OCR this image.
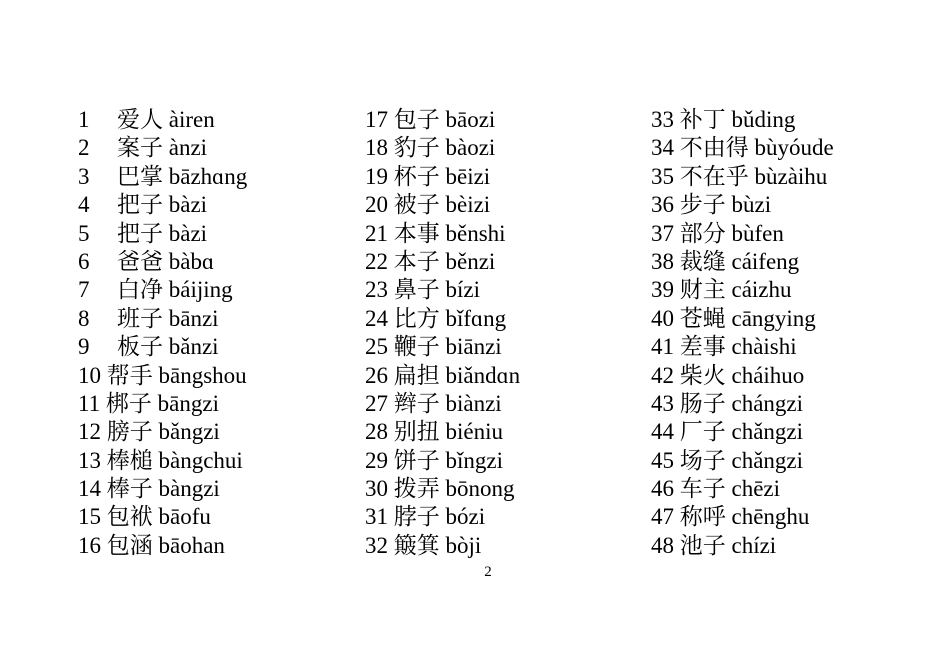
1 爱人 àiren
2 案子 ànzi
3 巴掌 bāzhɑng
4 把子 bàzi
5 把子 bàzi
6 爸爸 bàbɑ
7 白净 báijing
8 班子 bānzi
9 板子 bǎnzi
10 帮手 bāngshou
11 梆子 bāngzi
12 膀子 bǎngzi
13 棒槌 bàngchui
14 棒子 bàngzi
15 包袱 bāofu
16 包涵 bāohan
17 包子 bāozi
18 豹子 bàozi
19 杯子 bēizi
20 被子 bèizi
21 本事 běnshi
22 本子 běnzi
23 鼻子 bízi
24 比方 bǐfɑng
25 鞭子 biānzi
26 扁担 biǎndɑn
27 辫子 biànzi
28 别扭 biéniu
29 饼子 bǐngzi
30 拨弄 bōnong
31 脖子 bózi
32 簸箕 bòji
33 补丁 bǔding
34 不由得 bùyóude
35 不在乎 bùzàihu
36 步子 bùzi
37 部分 bùfen
38 裁缝 cáifeng
39 财主 cáizhu
40 苍蝇 cāngying
41 差事 chàishi
42 柴火 cháihuo
43 肠子 chángzi
44 厂子 chǎngzi
45 场子 chǎngzi
46 车子 chēzi
47 称呼 chēnghu
48 池子 chízi
2
